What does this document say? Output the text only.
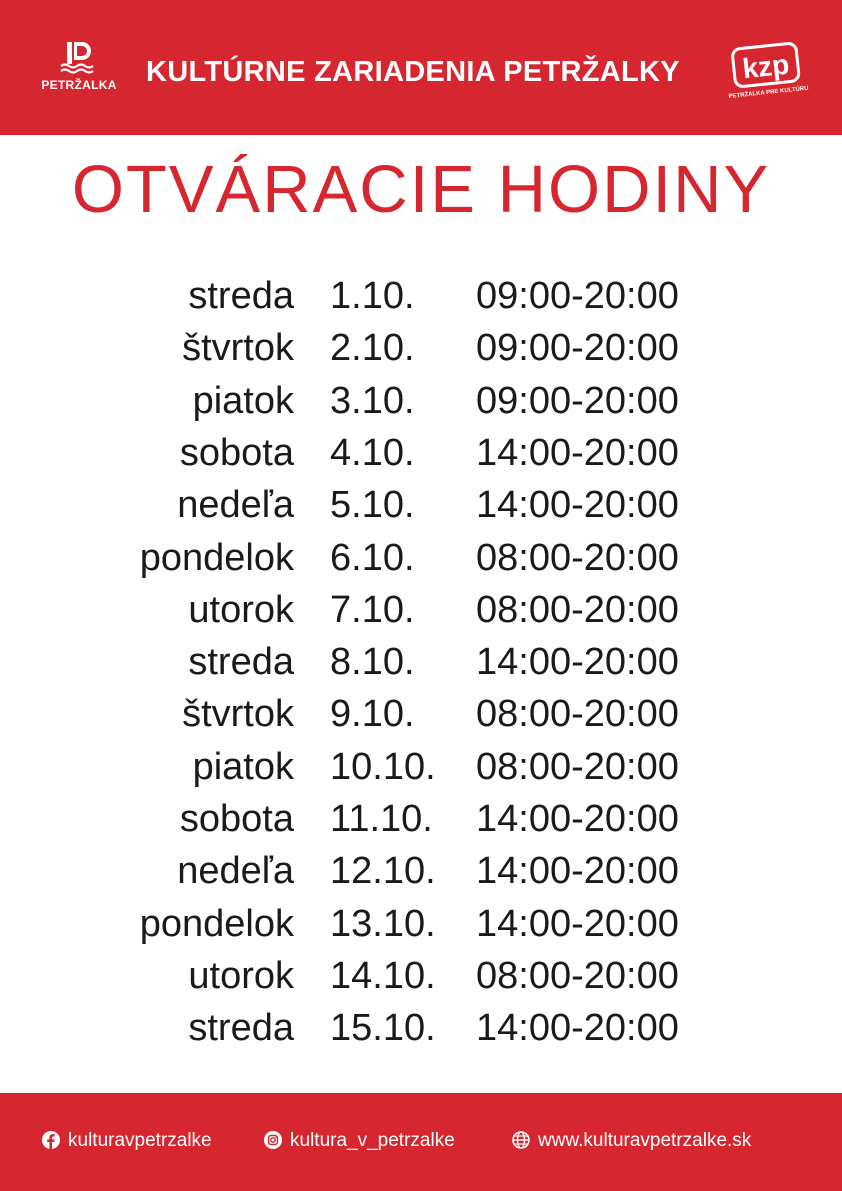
PETRŽALKA KULTÚRNE ZARIADENIA PETRŽALKY	kzp
PETRŽALKA PRE KULTÚRU
OTVÁRACIE HODINY
streda 1.10. 09:00-20:00
štvrtok 2.10. 09:00-20:00
piatok 3.10. 09:00-20:00
sobota 4.10. 14:00-20:00
nedeľa 5.10. 14:00-20:00
pondelok 6.10. 08:00-20:00
utorok 7.10. 08:00-20:00
streda 8.10. 14:00-20:00
štvrtok 9.10. 08:00-20:00
piatok 10.10. 08:00-20:00
sobota 11.10. 14:00-20:00
nedeľa 12.10. 14:00-20:00
pondelok 13.10. 14:00-20:00
utorok 14.10. 08:00-20:00
streda 15.10. 14:00-20:00
kulturavpetrzalke	kultura_v_petrzalke	www.kulturavpetrzalke.sk
